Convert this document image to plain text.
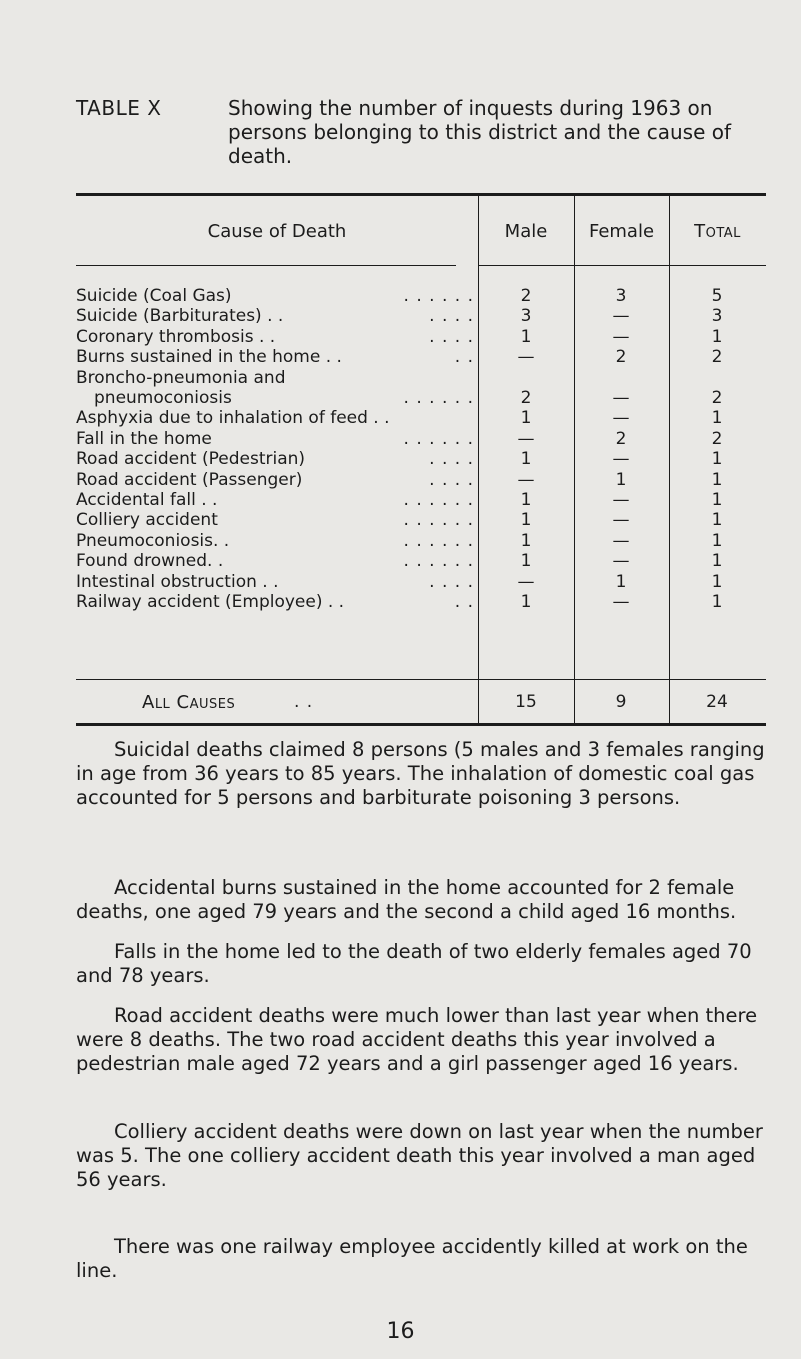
TABLE X	Showing the number of inquests during 1963 on persons belonging to this district and the cause of death.
Cause of Death	Male	Female	Total
Suicide (Coal Gas)	. . . . . .	2	3	5
Suicide (Barbiturates) . .	. . . .	3	—	3
Coronary thrombosis . .	. . . .	1	—	1
Burns sustained in the home . .	. .	—	2	2
Broncho-pneumonia and
pneumoconiosis	. . . . . .	2	—	2
Asphyxia due to inhalation of feed . .	1	—	1
Fall in the home	. . . . . .	—	2	2
Road accident (Pedestrian)	. . . .	1	—	1
Road accident (Passenger)	. . . .	—	1	1
Accidental fall . .	. . . . . .	1	—	1
Colliery accident	. . . . . .	1	—	1
Pneumoconiosis. .	. . . . . .	1	—	1
Found drowned. .	. . . . . .	1	—	1
Intestinal obstruction . .	. . . .	—	1	1
Railway accident (Employee) . .	. .	1	—	1
All Causes	. .	15	9	24

Suicidal deaths claimed 8 persons (5 males and 3 females ranging in age from 36 years to 85 years. The inhalation of domestic coal gas accounted for 5 persons and barbiturate poisoning 3 persons.

Accidental burns sustained in the home accounted for 2 female deaths, one aged 79 years and the second a child aged 16 months.

Falls in the home led to the death of two elderly females aged 70 and 78 years.

Road accident deaths were much lower than last year when there were 8 deaths. The two road accident deaths this year involved a pedestrian male aged 72 years and a girl passenger aged 16 years.

Colliery accident deaths were down on last year when the number was 5. The one colliery accident death this year involved a man aged 56 years.

There was one railway employee accidently killed at work on the line.

16
